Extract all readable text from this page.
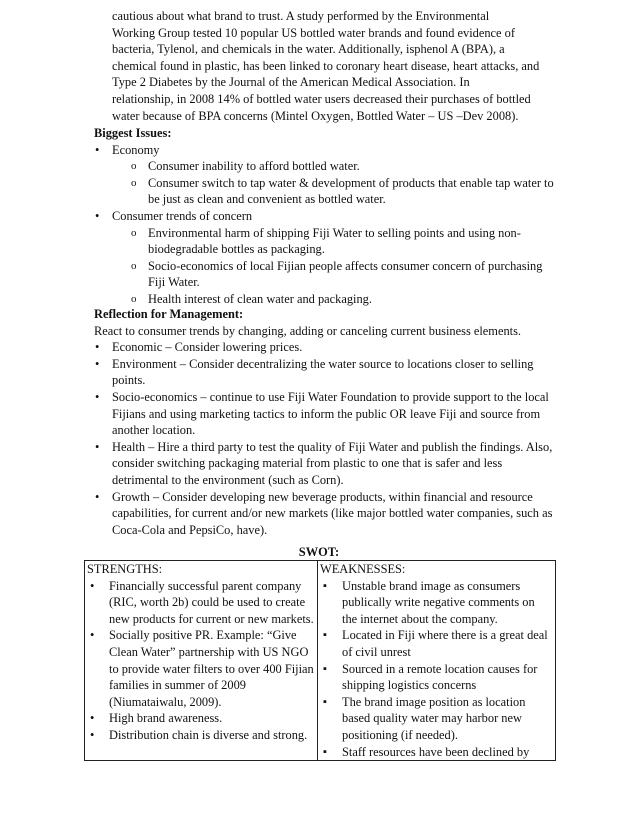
cautious about what brand to trust. A study performed by the Environmental
Working Group tested 10 popular US bottled water brands and found evidence of
bacteria, Tylenol, and chemicals in the water. Additionally, isphenol A (BPA), a
chemical found in plastic, has been linked to coronary heart disease, heart attacks, and
Type 2 Diabetes by the Journal of the American Medical Association. In
relationship, in 2008 14% of bottled water users decreased their purchases of bottled
water because of BPA concerns (Mintel Oxygen, Bottled Water – US –Dev 2008).

Biggest Issues:

• Economy
o Consumer inability to afford bottled water.
o Consumer switch to tap water & development of products that enable tap water to be just as clean and convenient as bottled water.
• Consumer trends of concern
o Environmental harm of shipping Fiji Water to selling points and using non-biodegradable bottles as packaging.
o Socio-economics of local Fijian people affects consumer concern of purchasing Fiji Water.
o Health interest of clean water and packaging.

Reflection for Management:

React to consumer trends by changing, adding or canceling current business elements.

• Economic – Consider lowering prices.
• Environment – Consider decentralizing the water source to locations closer to selling points.
• Socio-economics – continue to use Fiji Water Foundation to provide support to the local Fijians and using marketing tactics to inform the public OR leave Fiji and source from another location.
• Health – Hire a third party to test the quality of Fiji Water and publish the findings. Also, consider switching packaging material from plastic to one that is safer and less detrimental to the environment (such as Corn).
• Growth – Consider developing new beverage products, within financial and resource capabilities, for current and/or new markets (like major bottled water companies, such as Coca-Cola and PepsiCo, have).
SWOT:

STRENGTHS:

• Financially successful parent company (RIC, worth 2b) could be used to create new products for current or new markets.
• Socially positive PR. Example: “Give Clean Water” partnership with US NGO to provide water filters to over 400 Fijian families in summer of 2009 (Niumataiwalu, 2009).
• High brand awareness.
• Distribution chain is diverse and strong.

WEAKNESSES:

▪ Unstable brand image as consumers publically write negative comments on the internet about the company.
▪ Located in Fiji where there is a great deal of civil unrest
▪ Sourced in a remote location causes for shipping logistics concerns
▪ The brand image position as location based quality water may harbor new positioning (if needed).
▪ Staff resources have been declined by
